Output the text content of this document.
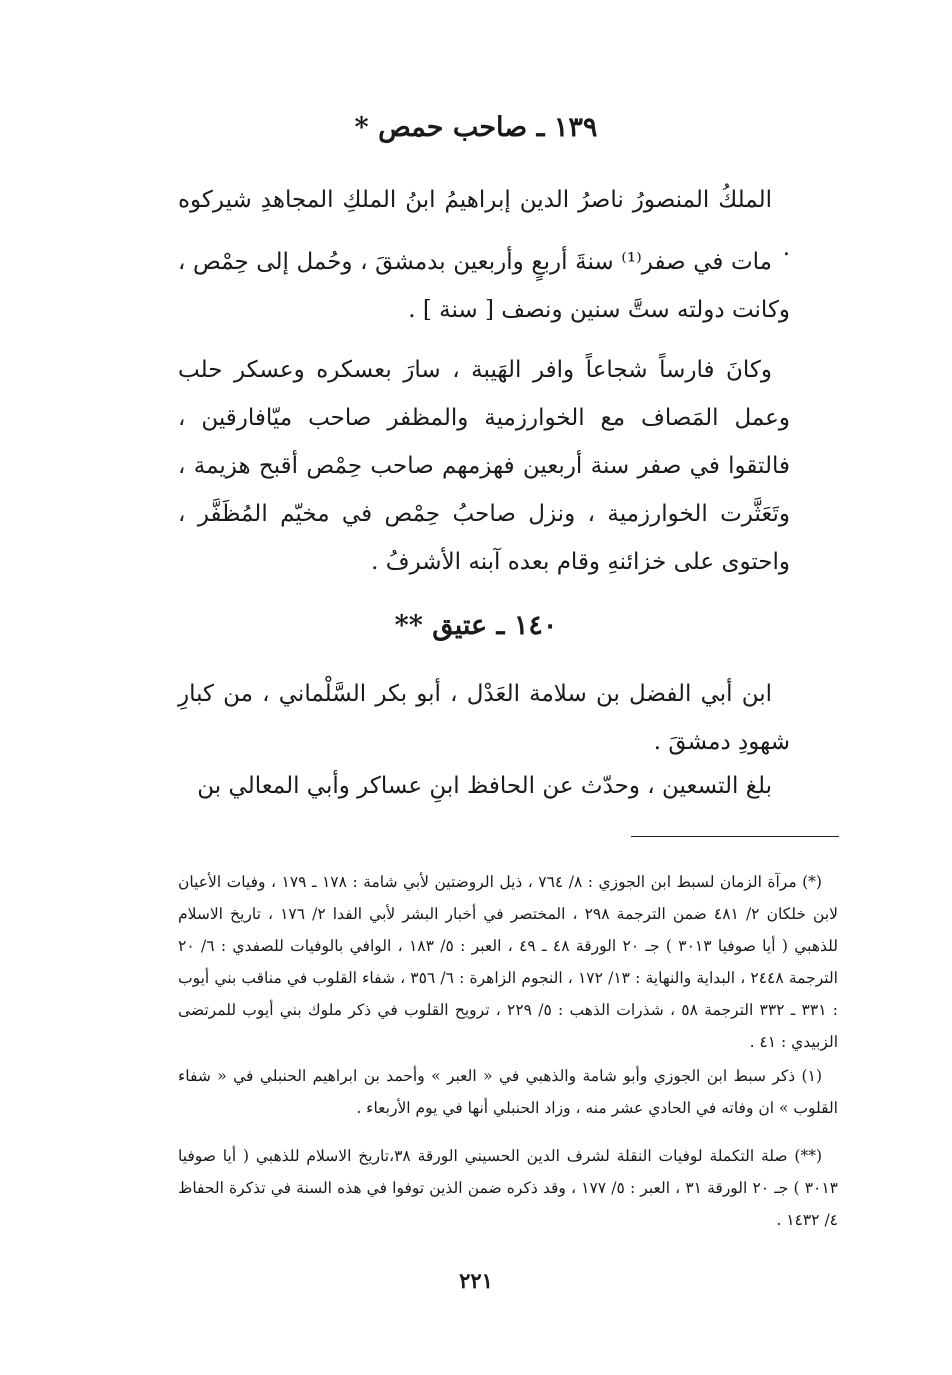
١٣٩ ـ صاحب حمص *

الملكُ المنصورُ ناصرُ الدين إبراهيمُ ابنُ الملكِ المجاهدِ شيركوه .

مات في صفر⁽¹⁾ سنةَ أربعٍ وأربعين بدمشقَ ، وحُمل إلى حِمْص ، وكانت دولته ستَّ سنين ونصف [ سنة ] .

وكانَ فارساً شجاعاً وافر الهَيبة ، سارَ بعسكره وعسكر حلب وعمل المَصاف مع الخوارزمية والمظفر صاحب ميّافارقين ، فالتقوا في صفر سنة أربعين فهزمهم صاحب حِمْص أقبح هزيمة ، وتَعَثَّرت الخوارزمية ، ونزل صاحبُ حِمْص في مخيّم المُظَفَّر ، واحتوى على خزائنهِ وقام بعده آبنه الأشرفُ .

١٤٠ ـ عتيق **

ابن أبي الفضل بن سلامة العَدْل ، أبو بكر السَّلْماني ، من كبارِ شهودِ دمشقَ .

بلغ التسعين ، وحدّث عن الحافظ ابنِ عساكر وأبي المعالي بن

(*) مرآة الزمان لسبط ابن الجوزي : ٨/ ٧٦٤ ، ذيل الروضتين لأبي شامة : ١٧٨ ـ ١٧٩ ، وفيات الأعيان لابن خلكان ٢/ ٤٨١ ضمن الترجمة ٢٩٨ ، المختصر في أخبار البشر لأبي الفدا ٢/ ١٧٦ ، تاريخ الاسلام للذهبي ( أيا صوفيا ٣٠١٣ ) جـ ٢٠ الورقة ٤٨ ـ ٤٩ ، العبر : ٥/ ١٨٣ ، الوافي بالوفيات للصفدي : ٦/ ٢٠ الترجمة ٢٤٤٨ ، البداية والنهاية : ١٣/ ١٧٢ ، النجوم الزاهرة : ٦/ ٣٥٦ ، شفاء القلوب في مناقب بني أيوب : ٣٣١ ـ ٣٣٢ الترجمة ٥٨ ، شذرات الذهب : ٥/ ٢٢٩ ، ترويح القلوب في ذكر ملوك بني أيوب للمرتضى الزبيدي : ٤١ .

(١) ذكر سبط ابن الجوزي وأبو شامة والذهبي في « العبر » وأحمد بن ابراهيم الحنبلي في « شفاء القلوب » ان وفاته في الحادي عشر منه ، وزاد الحنبلي أنها في يوم الأربعاء .

(**) صلة التكملة لوفيات النقلة لشرف الدين الحسيني الورقة ٣٨،تاريخ الاسلام للذهبي ( أيا صوفيا ٣٠١٣ ) جـ ٢٠ الورقة ٣١ ، العبر : ٥/ ١٧٧ ، وقد ذكره ضمن الذين توفوا في هذه السنة في تذكرة الحفاظ ٤/ ١٤٣٢ .

٢٢١
